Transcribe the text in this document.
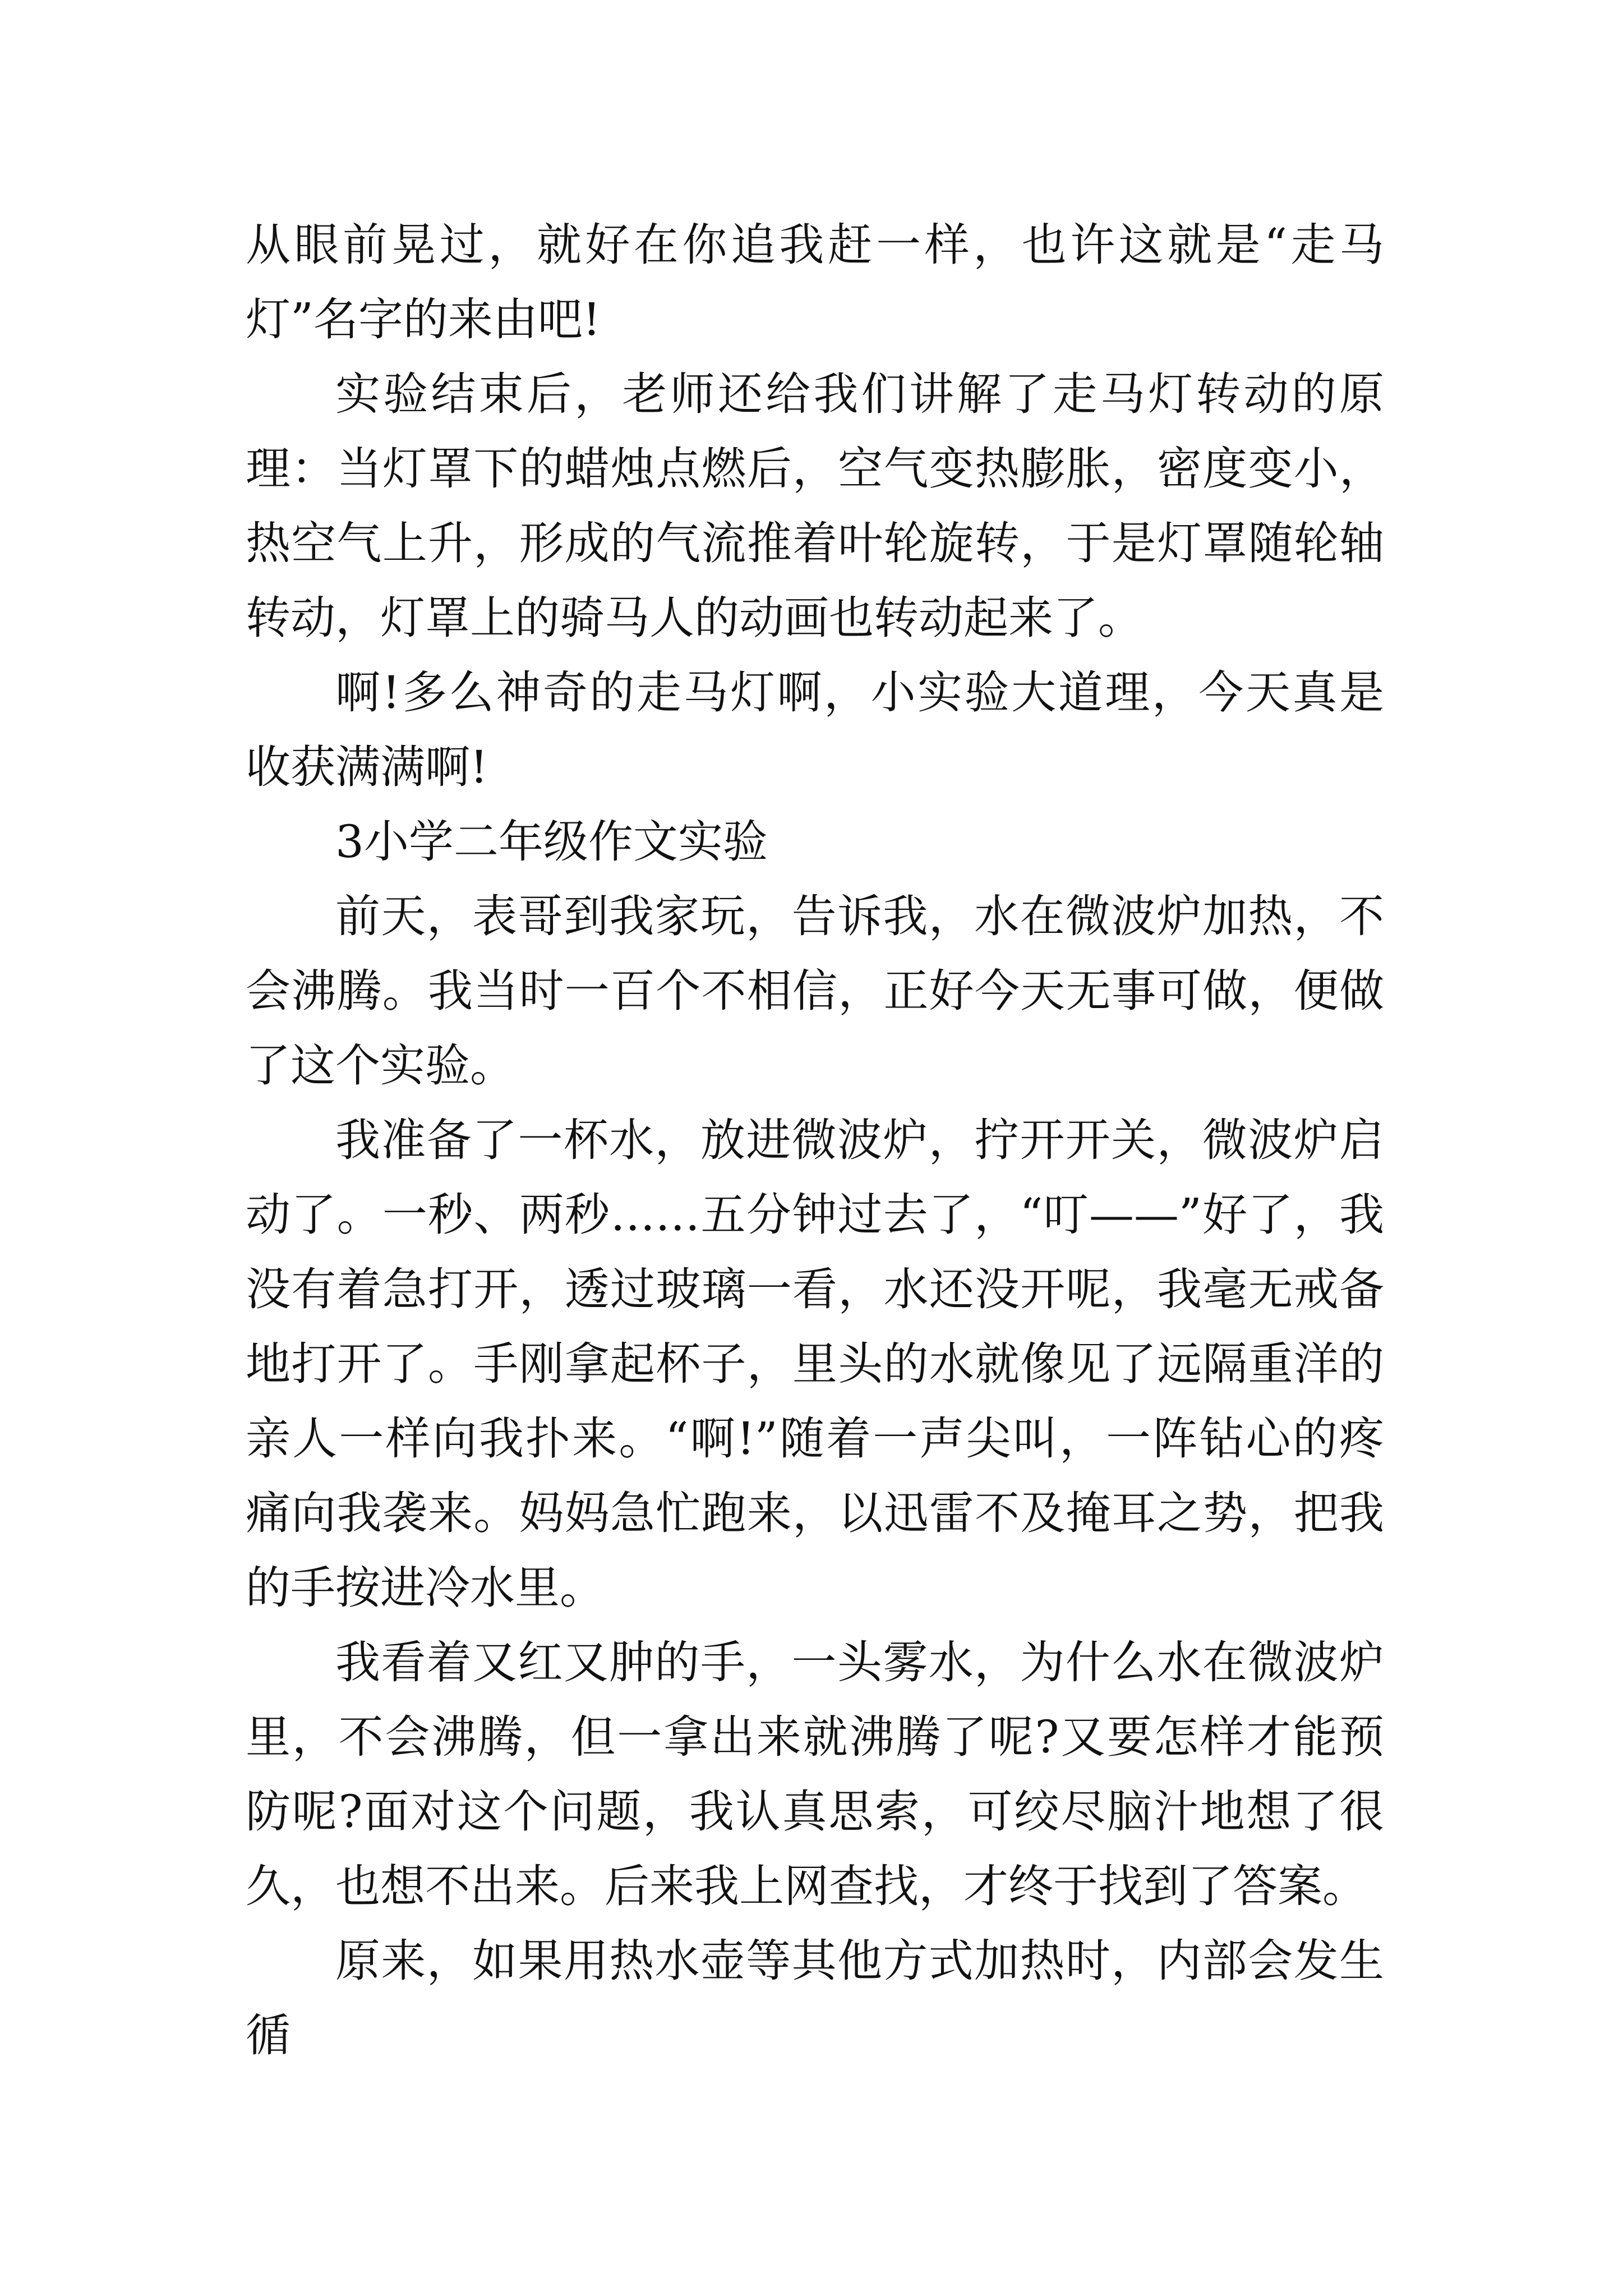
从眼前晃过，就好在你追我赶一样，也许这就是“走马灯”名字的来由吧!

实验结束后，老师还给我们讲解了走马灯转动的原理：当灯罩下的蜡烛点燃后，空气变热膨胀，密度变小，热空气上升，形成的气流推着叶轮旋转，于是灯罩随轮轴转动，灯罩上的骑马人的动画也转动起来了。

啊!多么神奇的走马灯啊，小实验大道理，今天真是收获满满啊!

3小学二年级作文实验

前天，表哥到我家玩，告诉我，水在微波炉加热，不会沸腾。我当时一百个不相信，正好今天无事可做，便做了这个实验。

我准备了一杯水，放进微波炉，拧开开关，微波炉启动了。一秒、两秒……五分钟过去了，“叮——”好了，我没有着急打开，透过玻璃一看，水还没开呢，我毫无戒备地打开了。手刚拿起杯子，里头的水就像见了远隔重洋的亲人一样向我扑来。“啊!”随着一声尖叫，一阵钻心的疼痛向我袭来。妈妈急忙跑来，以迅雷不及掩耳之势，把我的手按进冷水里。

我看着又红又肿的手，一头雾水，为什么水在微波炉里，不会沸腾，但一拿出来就沸腾了呢?又要怎样才能预防呢?面对这个问题，我认真思索，可绞尽脑汁地想了很久，也想不出来。后来我上网查找，才终于找到了答案。

原来，如果用热水壶等其他方式加热时，内部会发生循
